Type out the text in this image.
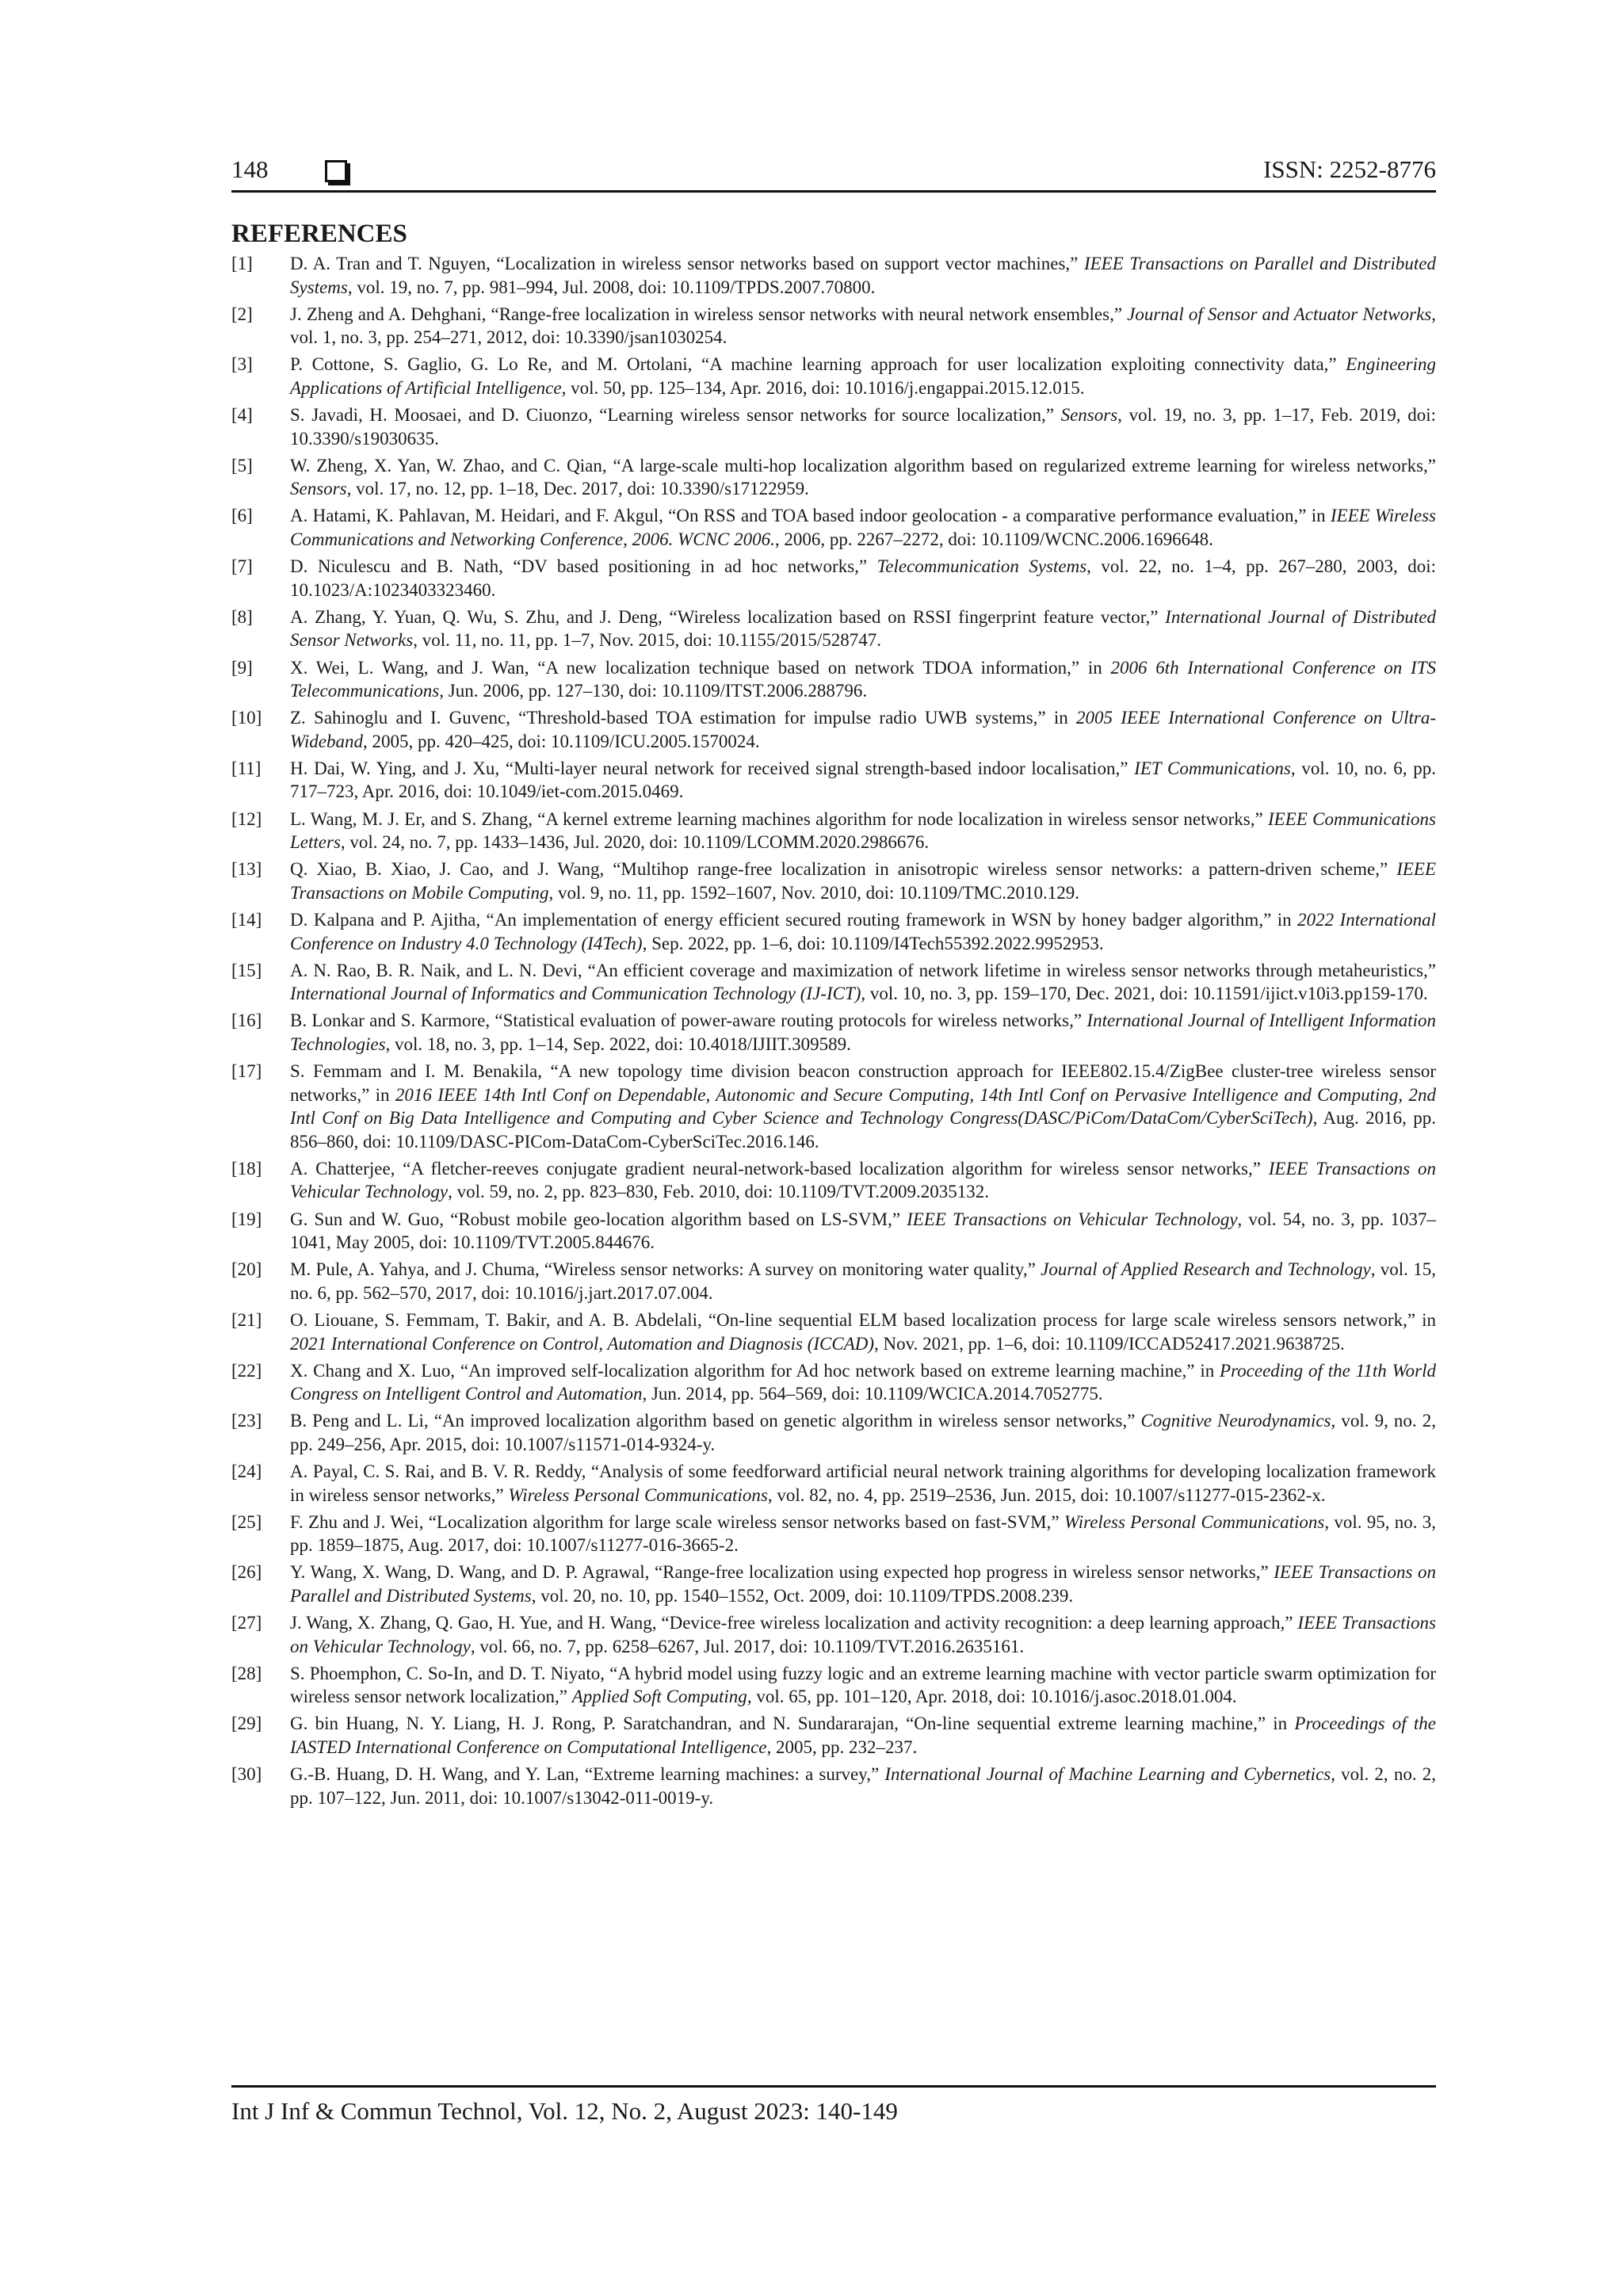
148	ISSN: 2252-8776
REFERENCES
[1] D. A. Tran and T. Nguyen, “Localization in wireless sensor networks based on support vector machines,” IEEE Transactions on Parallel and Distributed Systems, vol. 19, no. 7, pp. 981–994, Jul. 2008, doi: 10.1109/TPDS.2007.70800.
[2] J. Zheng and A. Dehghani, “Range-free localization in wireless sensor networks with neural network ensembles,” Journal of Sensor and Actuator Networks, vol. 1, no. 3, pp. 254–271, 2012, doi: 10.3390/jsan1030254.
[3] P. Cottone, S. Gaglio, G. Lo Re, and M. Ortolani, “A machine learning approach for user localization exploiting connectivity data,” Engineering Applications of Artificial Intelligence, vol. 50, pp. 125–134, Apr. 2016, doi: 10.1016/j.engappai.2015.12.015.
[4] S. Javadi, H. Moosaei, and D. Ciuonzo, “Learning wireless sensor networks for source localization,” Sensors, vol. 19, no. 3, pp. 1–17, Feb. 2019, doi: 10.3390/s19030635.
[5] W. Zheng, X. Yan, W. Zhao, and C. Qian, “A large-scale multi-hop localization algorithm based on regularized extreme learning for wireless networks,” Sensors, vol. 17, no. 12, pp. 1–18, Dec. 2017, doi: 10.3390/s17122959.
[6] A. Hatami, K. Pahlavan, M. Heidari, and F. Akgul, “On RSS and TOA based indoor geolocation - a comparative performance evaluation,” in IEEE Wireless Communications and Networking Conference, 2006. WCNC 2006., 2006, pp. 2267–2272, doi: 10.1109/WCNC.2006.1696648.
[7] D. Niculescu and B. Nath, “DV based positioning in ad hoc networks,” Telecommunication Systems, vol. 22, no. 1–4, pp. 267–280, 2003, doi: 10.1023/A:1023403323460.
[8] A. Zhang, Y. Yuan, Q. Wu, S. Zhu, and J. Deng, “Wireless localization based on RSSI fingerprint feature vector,” International Journal of Distributed Sensor Networks, vol. 11, no. 11, pp. 1–7, Nov. 2015, doi: 10.1155/2015/528747.
[9] X. Wei, L. Wang, and J. Wan, “A new localization technique based on network TDOA information,” in 2006 6th International Conference on ITS Telecommunications, Jun. 2006, pp. 127–130, doi: 10.1109/ITST.2006.288796.
[10] Z. Sahinoglu and I. Guvenc, “Threshold-based TOA estimation for impulse radio UWB systems,” in 2005 IEEE International Conference on Ultra-Wideband, 2005, pp. 420–425, doi: 10.1109/ICU.2005.1570024.
[11] H. Dai, W. Ying, and J. Xu, “Multi-layer neural network for received signal strength-based indoor localisation,” IET Communications, vol. 10, no. 6, pp. 717–723, Apr. 2016, doi: 10.1049/iet-com.2015.0469.
[12] L. Wang, M. J. Er, and S. Zhang, “A kernel extreme learning machines algorithm for node localization in wireless sensor networks,” IEEE Communications Letters, vol. 24, no. 7, pp. 1433–1436, Jul. 2020, doi: 10.1109/LCOMM.2020.2986676.
[13] Q. Xiao, B. Xiao, J. Cao, and J. Wang, “Multihop range-free localization in anisotropic wireless sensor networks: a pattern-driven scheme,” IEEE Transactions on Mobile Computing, vol. 9, no. 11, pp. 1592–1607, Nov. 2010, doi: 10.1109/TMC.2010.129.
[14] D. Kalpana and P. Ajitha, “An implementation of energy efficient secured routing framework in WSN by honey badger algorithm,” in 2022 International Conference on Industry 4.0 Technology (I4Tech), Sep. 2022, pp. 1–6, doi: 10.1109/I4Tech55392.2022.9952953.
[15] A. N. Rao, B. R. Naik, and L. N. Devi, “An efficient coverage and maximization of network lifetime in wireless sensor networks through metaheuristics,” International Journal of Informatics and Communication Technology (IJ-ICT), vol. 10, no. 3, pp. 159–170, Dec. 2021, doi: 10.11591/ijict.v10i3.pp159-170.
[16] B. Lonkar and S. Karmore, “Statistical evaluation of power-aware routing protocols for wireless networks,” International Journal of Intelligent Information Technologies, vol. 18, no. 3, pp. 1–14, Sep. 2022, doi: 10.4018/IJIIT.309589.
[17] S. Femmam and I. M. Benakila, “A new topology time division beacon construction approach for IEEE802.15.4/ZigBee cluster-tree wireless sensor networks,” in 2016 IEEE 14th Intl Conf on Dependable, Autonomic and Secure Computing, 14th Intl Conf on Pervasive Intelligence and Computing, 2nd Intl Conf on Big Data Intelligence and Computing and Cyber Science and Technology Congress(DASC/PiCom/DataCom/CyberSciTech), Aug. 2016, pp. 856–860, doi: 10.1109/DASC-PICom-DataCom-CyberSciTec.2016.146.
[18] A. Chatterjee, “A fletcher-reeves conjugate gradient neural-network-based localization algorithm for wireless sensor networks,” IEEE Transactions on Vehicular Technology, vol. 59, no. 2, pp. 823–830, Feb. 2010, doi: 10.1109/TVT.2009.2035132.
[19] G. Sun and W. Guo, “Robust mobile geo-location algorithm based on LS-SVM,” IEEE Transactions on Vehicular Technology, vol. 54, no. 3, pp. 1037–1041, May 2005, doi: 10.1109/TVT.2005.844676.
[20] M. Pule, A. Yahya, and J. Chuma, “Wireless sensor networks: A survey on monitoring water quality,” Journal of Applied Research and Technology, vol. 15, no. 6, pp. 562–570, 2017, doi: 10.1016/j.jart.2017.07.004.
[21] O. Liouane, S. Femmam, T. Bakir, and A. B. Abdelali, “On-line sequential ELM based localization process for large scale wireless sensors network,” in 2021 International Conference on Control, Automation and Diagnosis (ICCAD), Nov. 2021, pp. 1–6, doi: 10.1109/ICCAD52417.2021.9638725.
[22] X. Chang and X. Luo, “An improved self-localization algorithm for Ad hoc network based on extreme learning machine,” in Proceeding of the 11th World Congress on Intelligent Control and Automation, Jun. 2014, pp. 564–569, doi: 10.1109/WCICA.2014.7052775.
[23] B. Peng and L. Li, “An improved localization algorithm based on genetic algorithm in wireless sensor networks,” Cognitive Neurodynamics, vol. 9, no. 2, pp. 249–256, Apr. 2015, doi: 10.1007/s11571-014-9324-y.
[24] A. Payal, C. S. Rai, and B. V. R. Reddy, “Analysis of some feedforward artificial neural network training algorithms for developing localization framework in wireless sensor networks,” Wireless Personal Communications, vol. 82, no. 4, pp. 2519–2536, Jun. 2015, doi: 10.1007/s11277-015-2362-x.
[25] F. Zhu and J. Wei, “Localization algorithm for large scale wireless sensor networks based on fast-SVM,” Wireless Personal Communications, vol. 95, no. 3, pp. 1859–1875, Aug. 2017, doi: 10.1007/s11277-016-3665-2.
[26] Y. Wang, X. Wang, D. Wang, and D. P. Agrawal, “Range-free localization using expected hop progress in wireless sensor networks,” IEEE Transactions on Parallel and Distributed Systems, vol. 20, no. 10, pp. 1540–1552, Oct. 2009, doi: 10.1109/TPDS.2008.239.
[27] J. Wang, X. Zhang, Q. Gao, H. Yue, and H. Wang, “Device-free wireless localization and activity recognition: a deep learning approach,” IEEE Transactions on Vehicular Technology, vol. 66, no. 7, pp. 6258–6267, Jul. 2017, doi: 10.1109/TVT.2016.2635161.
[28] S. Phoemphon, C. So-In, and D. T. Niyato, “A hybrid model using fuzzy logic and an extreme learning machine with vector particle swarm optimization for wireless sensor network localization,” Applied Soft Computing, vol. 65, pp. 101–120, Apr. 2018, doi: 10.1016/j.asoc.2018.01.004.
[29] G. bin Huang, N. Y. Liang, H. J. Rong, P. Saratchandran, and N. Sundararajan, “On-line sequential extreme learning machine,” in Proceedings of the IASTED International Conference on Computational Intelligence, 2005, pp. 232–237.
[30] G.-B. Huang, D. H. Wang, and Y. Lan, “Extreme learning machines: a survey,” International Journal of Machine Learning and Cybernetics, vol. 2, no. 2, pp. 107–122, Jun. 2011, doi: 10.1007/s13042-011-0019-y.
Int J Inf & Commun Technol, Vol. 12, No. 2, August 2023: 140-149
